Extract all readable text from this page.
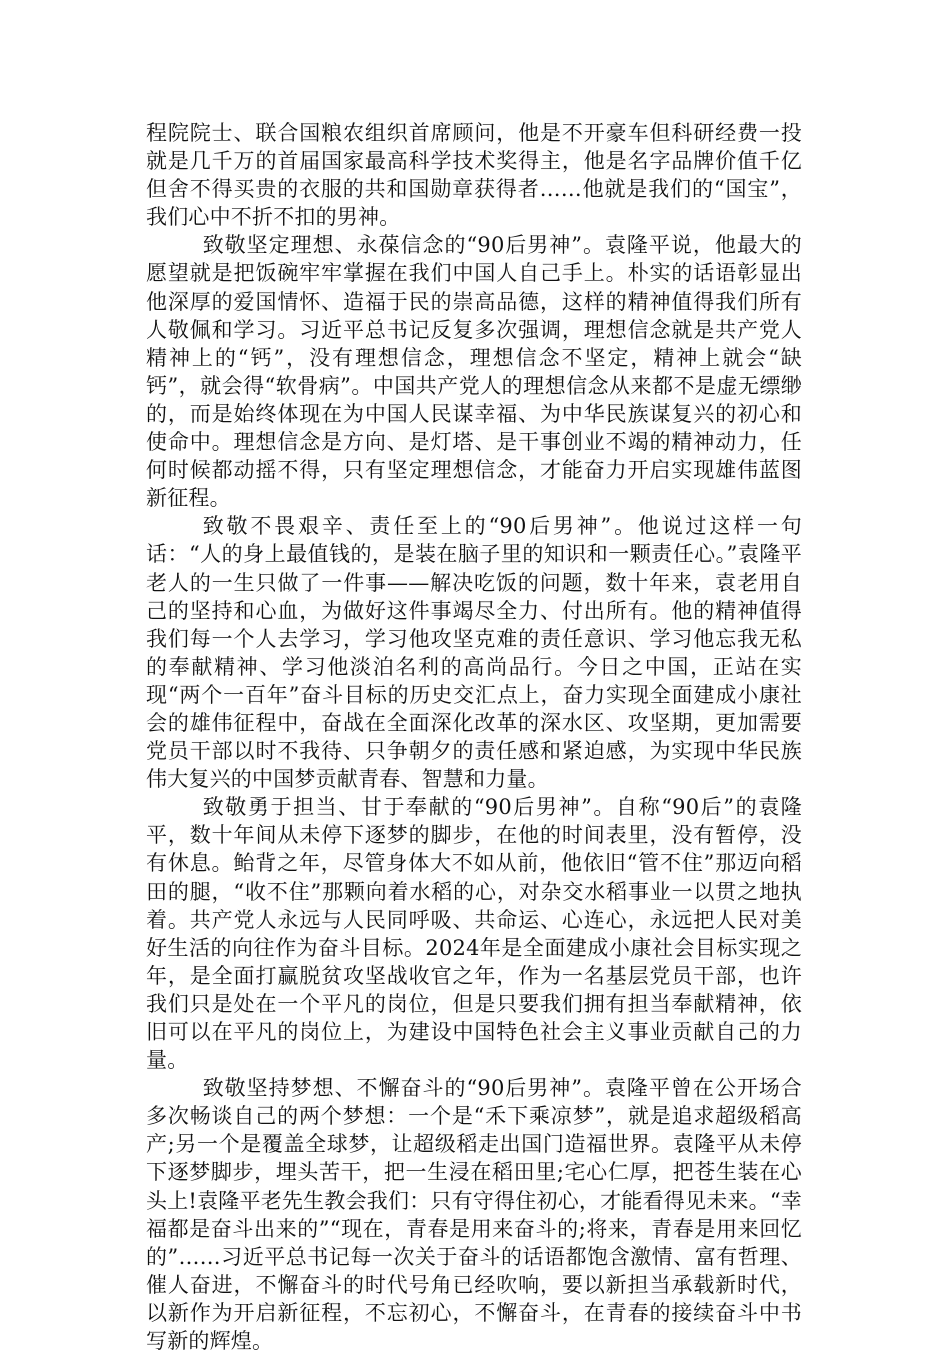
程院院士、联合国粮农组织首席顾问，他是不开豪车但科研经费一投就是几千万的首届国家最高科学技术奖得主，他是名字品牌价值千亿但舍不得买贵的衣服的共和国勋章获得者……他就是我们的“国宝”，我们心中不折不扣的男神。

致敬坚定理想、永葆信念的“90后男神”。袁隆平说，他最大的愿望就是把饭碗牢牢掌握在我们中国人自己手上。朴实的话语彰显出他深厚的爱国情怀、造福于民的崇高品德，这样的精神值得我们所有人敬佩和学习。习近平总书记反复多次强调，理想信念就是共产党人精神上的“钙”，没有理想信念，理想信念不坚定，精神上就会“缺钙”，就会得“软骨病”。中国共产党人的理想信念从来都不是虚无缥缈的，而是始终体现在为中国人民谋幸福、为中华民族谋复兴的初心和使命中。理想信念是方向、是灯塔、是干事创业不竭的精神动力，任何时候都动摇不得，只有坚定理想信念，才能奋力开启实现雄伟蓝图新征程。

致敬不畏艰辛、责任至上的“90后男神”。他说过这样一句话：“人的身上最值钱的，是装在脑子里的知识和一颗责任心。”袁隆平老人的一生只做了一件事——解决吃饭的问题，数十年来，袁老用自己的坚持和心血，为做好这件事竭尽全力、付出所有。他的精神值得我们每一个人去学习，学习他攻坚克难的责任意识、学习他忘我无私的奉献精神、学习他淡泊名利的高尚品行。今日之中国，正站在实现“两个一百年”奋斗目标的历史交汇点上，奋力实现全面建成小康社会的雄伟征程中，奋战在全面深化改革的深水区、攻坚期，更加需要党员干部以时不我待、只争朝夕的责任感和紧迫感，为实现中华民族伟大复兴的中国梦贡献青春、智慧和力量。

致敬勇于担当、甘于奉献的“90后男神”。自称“90后”的袁隆平，数十年间从未停下逐梦的脚步，在他的时间表里，没有暂停，没有休息。鲐背之年，尽管身体大不如从前，他依旧“管不住”那迈向稻田的腿，“收不住”那颗向着水稻的心，对杂交水稻事业一以贯之地执着。共产党人永远与人民同呼吸、共命运、心连心，永远把人民对美好生活的向往作为奋斗目标。2024年是全面建成小康社会目标实现之年，是全面打赢脱贫攻坚战收官之年，作为一名基层党员干部，也许我们只是处在一个平凡的岗位，但是只要我们拥有担当奉献精神，依旧可以在平凡的岗位上，为建设中国特色社会主义事业贡献自己的力量。

致敬坚持梦想、不懈奋斗的“90后男神”。袁隆平曾在公开场合多次畅谈自己的两个梦想：一个是“禾下乘凉梦”，就是追求超级稻高产;另一个是覆盖全球梦，让超级稻走出国门造福世界。袁隆平从未停下逐梦脚步，埋头苦干，把一生浸在稻田里;宅心仁厚，把苍生装在心头上!袁隆平老先生教会我们：只有守得住初心，才能看得见未来。“幸福都是奋斗出来的”“现在，青春是用来奋斗的;将来，青春是用来回忆的”……习近平总书记每一次关于奋斗的话语都饱含激情、富有哲理、催人奋进，不懈奋斗的时代号角已经吹响，要以新担当承载新时代，以新作为开启新征程，不忘初心，不懈奋斗，在青春的接续奋斗中书写新的辉煌。
